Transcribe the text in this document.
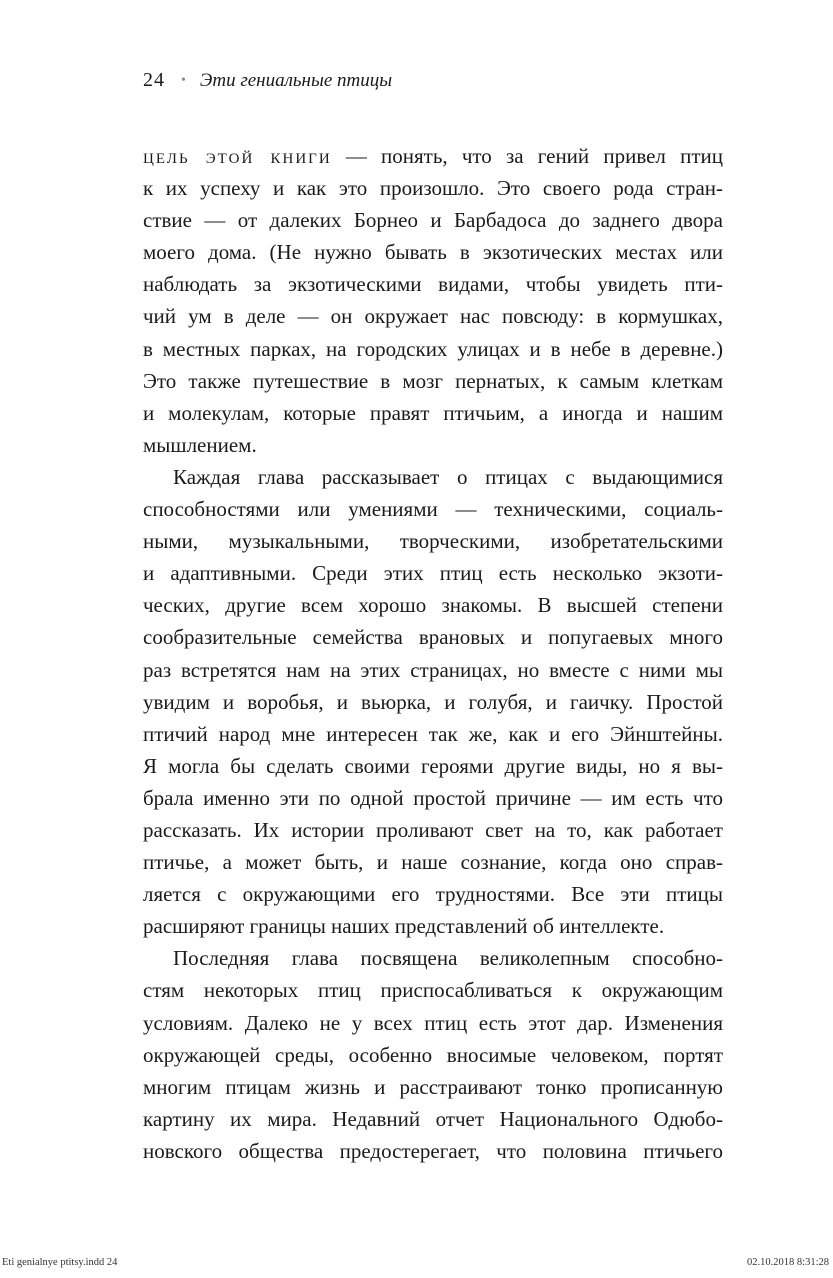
24 • Эти гениальные птицы
цель этой книги — понять, что за гений привел птиц
к их успеху и как это произошло. Это своего рода стран-
ствие — от далеких Борнео и Барбадоса до заднего двора
моего дома. (Не нужно бывать в экзотических местах или
наблюдать за экзотическими видами, чтобы увидеть пти-
чий ум в деле — он окружает нас повсюду: в кормушках,
в местных парках, на городских улицах и в небе в деревне.)
Это также путешествие в мозг пернатых, к самым клеткам
и молекулам, которые правят птичьим, а иногда и нашим
мышлением.
Каждая глава рассказывает о птицах с выдающимися
способностями или умениями — техническими, социаль-
ными, музыкальными, творческими, изобретательскими
и адаптивными. Среди этих птиц есть несколько экзоти-
ческих, другие всем хорошо знакомы. В высшей степени
сообразительные семейства врановых и попугаевых много
раз встретятся нам на этих страницах, но вместе с ними мы
увидим и воробья, и вьюрка, и голубя, и гаичку. Простой
птичий народ мне интересен так же, как и его Эйнштейны.
Я могла бы сделать своими героями другие виды, но я вы-
брала именно эти по одной простой причине — им есть что
рассказать. Их истории проливают свет на то, как работает
птичье, а может быть, и наше сознание, когда оно справ-
ляется с окружающими его трудностями. Все эти птицы
расширяют границы наших представлений об интеллекте.
Последняя глава посвящена великолепным способно-
стям некоторых птиц приспосабливаться к окружающим
условиям. Далеко не у всех птиц есть этот дар. Изменения
окружающей среды, особенно вносимые человеком, портят
многим птицам жизнь и расстраивают тонко прописанную
картину их мира. Недавний отчет Национального Одюбо-
новского общества предостерегает, что половина птичьего
Eti genialnye ptitsy.indd 24	02.10.2018 8:31:28
